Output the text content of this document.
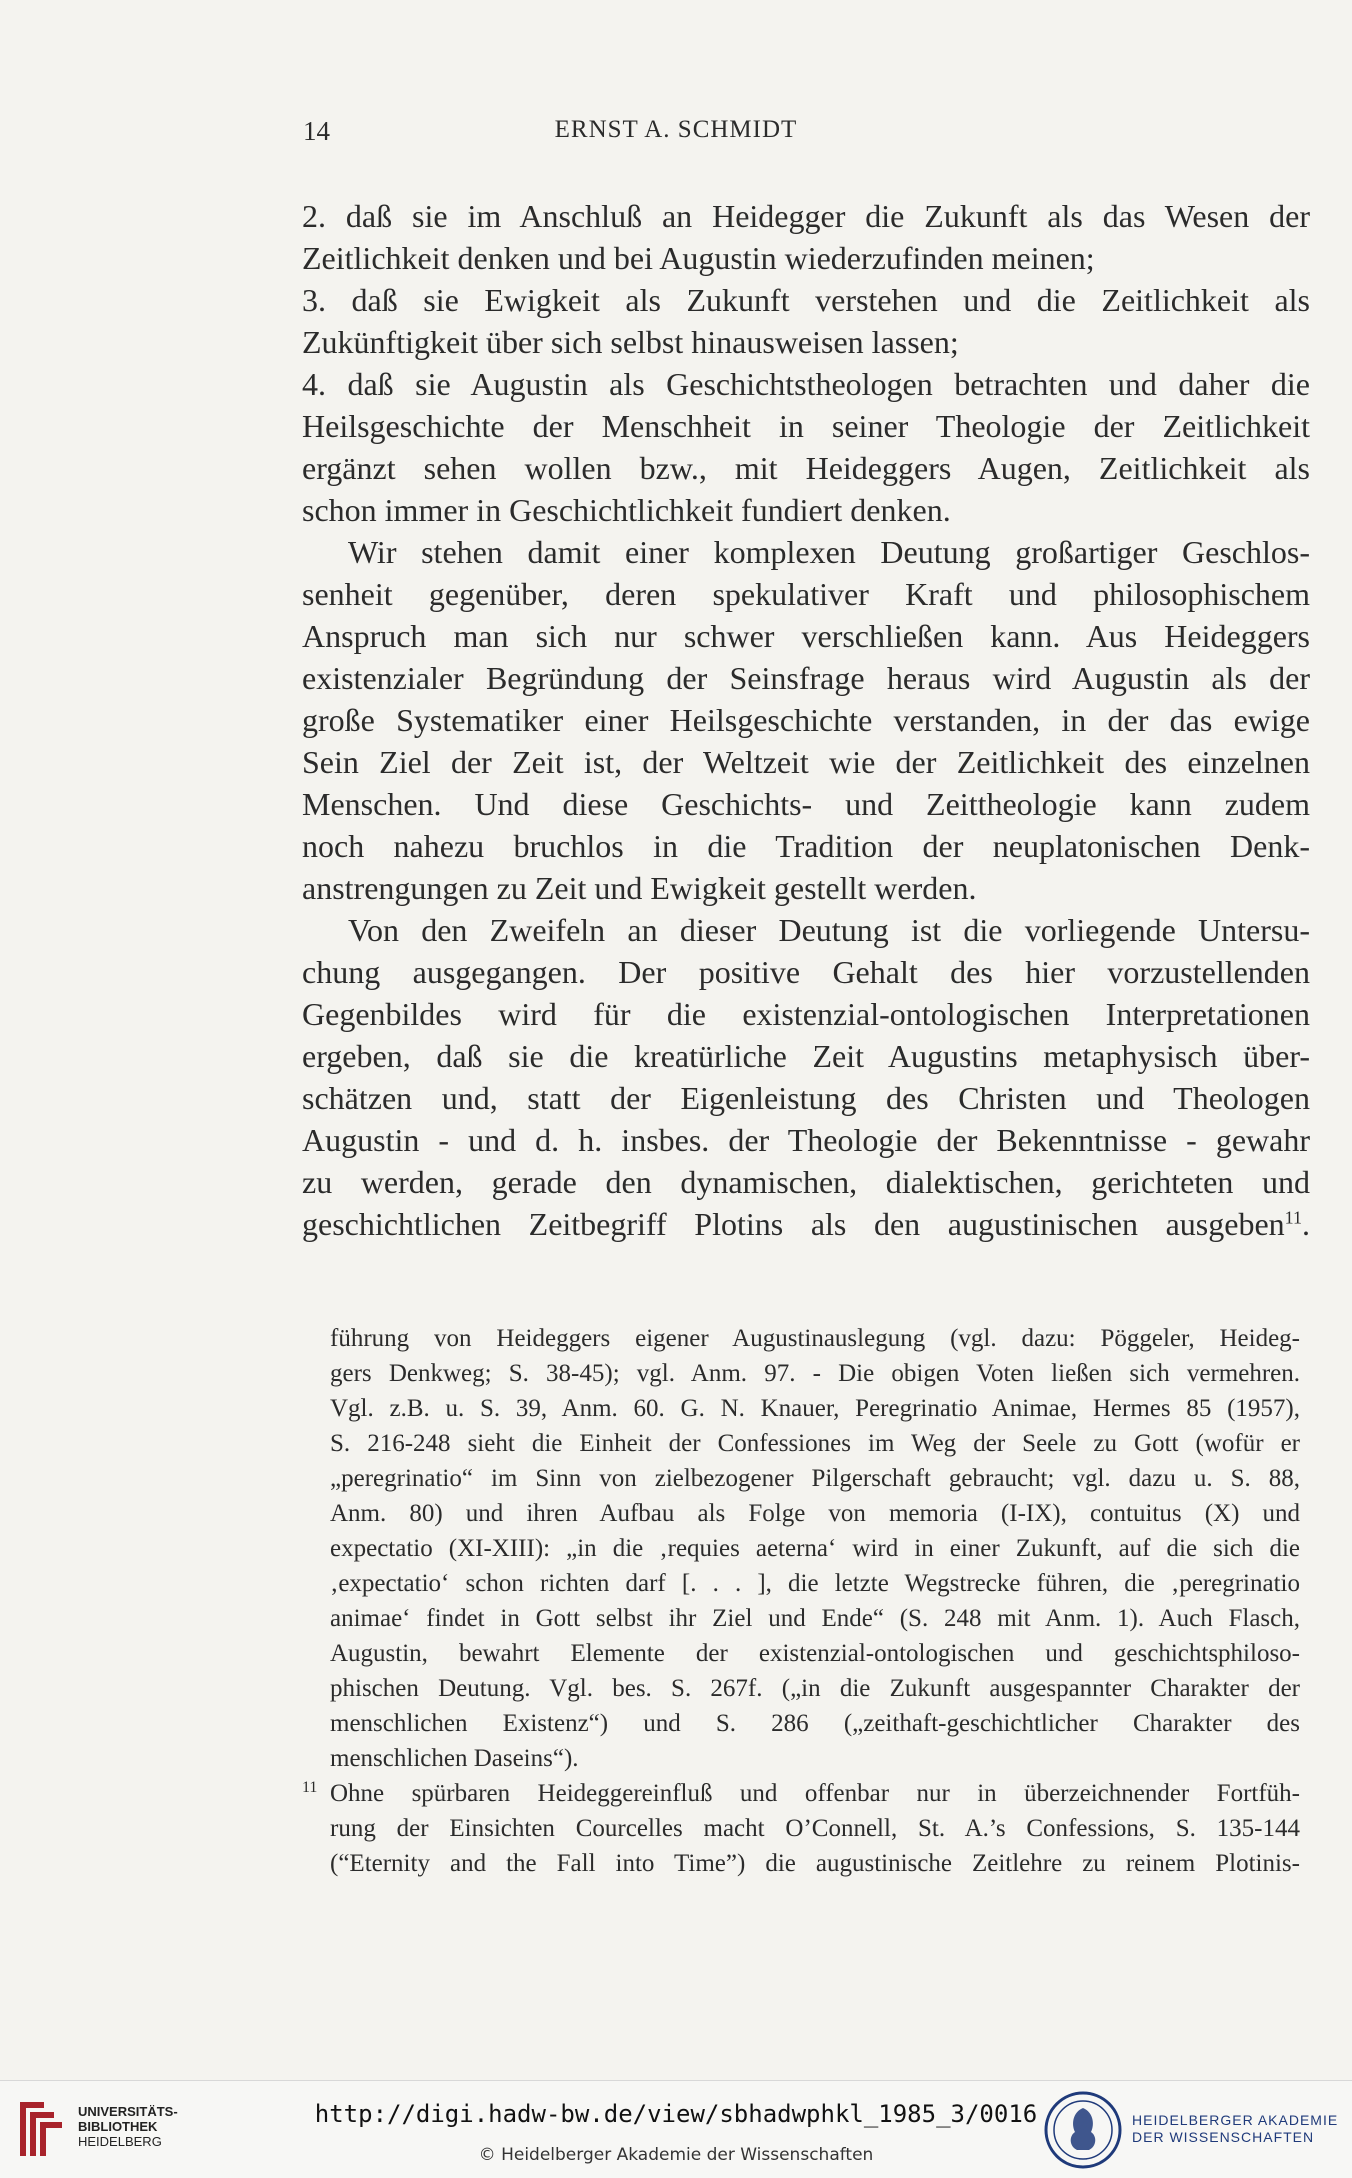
14	ERNST A. SCHMIDT
2. daß sie im Anschluß an Heidegger die Zukunft als das Wesen der
Zeitlichkeit denken und bei Augustin wiederzufinden meinen;
3. daß sie Ewigkeit als Zukunft verstehen und die Zeitlichkeit als
Zukünftigkeit über sich selbst hinausweisen lassen;
4. daß sie Augustin als Geschichtstheologen betrachten und daher die
Heilsgeschichte der Menschheit in seiner Theologie der Zeitlichkeit
ergänzt sehen wollen bzw., mit Heideggers Augen, Zeitlichkeit als
schon immer in Geschichtlichkeit fundiert denken.
Wir stehen damit einer komplexen Deutung großartiger Geschlos-
senheit gegenüber, deren spekulativer Kraft und philosophischem
Anspruch man sich nur schwer verschließen kann. Aus Heideggers
existenzialer Begründung der Seinsfrage heraus wird Augustin als der
große Systematiker einer Heilsgeschichte verstanden, in der das ewige
Sein Ziel der Zeit ist, der Weltzeit wie der Zeitlichkeit des einzelnen
Menschen. Und diese Geschichts- und Zeittheologie kann zudem
noch nahezu bruchlos in die Tradition der neuplatonischen Denk-
anstrengungen zu Zeit und Ewigkeit gestellt werden.
Von den Zweifeln an dieser Deutung ist die vorliegende Untersu-
chung ausgegangen. Der positive Gehalt des hier vorzustellenden
Gegenbildes wird für die existenzial-ontologischen Interpretationen
ergeben, daß sie die kreatürliche Zeit Augustins metaphysisch über-
schätzen und, statt der Eigenleistung des Christen und Theologen
Augustin - und d. h. insbes. der Theologie der Bekenntnisse - gewahr
zu werden, gerade den dynamischen, dialektischen, gerichteten und
geschichtlichen Zeitbegriff Plotins als den augustinischen ausgeben$^{11}$.
führung von Heideggers eigener Augustinauslegung (vgl. dazu: Pöggeler, Heideg-
gers Denkweg; S. 38-45); vgl. Anm. 97. - Die obigen Voten ließen sich vermehren.
Vgl. z.B. u. S. 39, Anm. 60. G. N. Knauer, Peregrinatio Animae, Hermes 85 (1957),
S. 216-248 sieht die Einheit der Confessiones im Weg der Seele zu Gott (wofür er
„peregrinatio“ im Sinn von zielbezogener Pilgerschaft gebraucht; vgl. dazu u. S. 88,
Anm. 80) und ihren Aufbau als Folge von memoria (I-IX), contuitus (X) und
expectatio (XI-XIII): „in die ‚requies aeterna‘ wird in einer Zukunft, auf die sich die
‚expectatio‘ schon richten darf [. . . ], die letzte Wegstrecke führen, die ‚peregrinatio
animae‘ findet in Gott selbst ihr Ziel und Ende“ (S. 248 mit Anm. 1). Auch Flasch,
Augustin, bewahrt Elemente der existenzial-ontologischen und geschichtsphiloso-
phischen Deutung. Vgl. bes. S. 267f. („in die Zukunft ausgespannter Charakter der
menschlichen Existenz“) und S. 286 („zeithaft-geschichtlicher Charakter des
menschlichen Daseins“).
11 Ohne spürbaren Heideggereinfluß und offenbar nur in überzeichnender Fortfüh-
rung der Einsichten Courcelles macht O’Connell, St. A.’s Confessions, S. 135-144
(“Eternity and the Fall into Time”) die augustinische Zeitlehre zu reinem Plotinis-
UNIVERSITÄTS-
BIBLIOTHEK
HEIDELBERG
http://digi.hadw-bw.de/view/sbhadwphkl_1985_3/0016
© Heidelberger Akademie der Wissenschaften
HEIDELBERGER AKADEMIE
DER WISSENSCHAFTEN
